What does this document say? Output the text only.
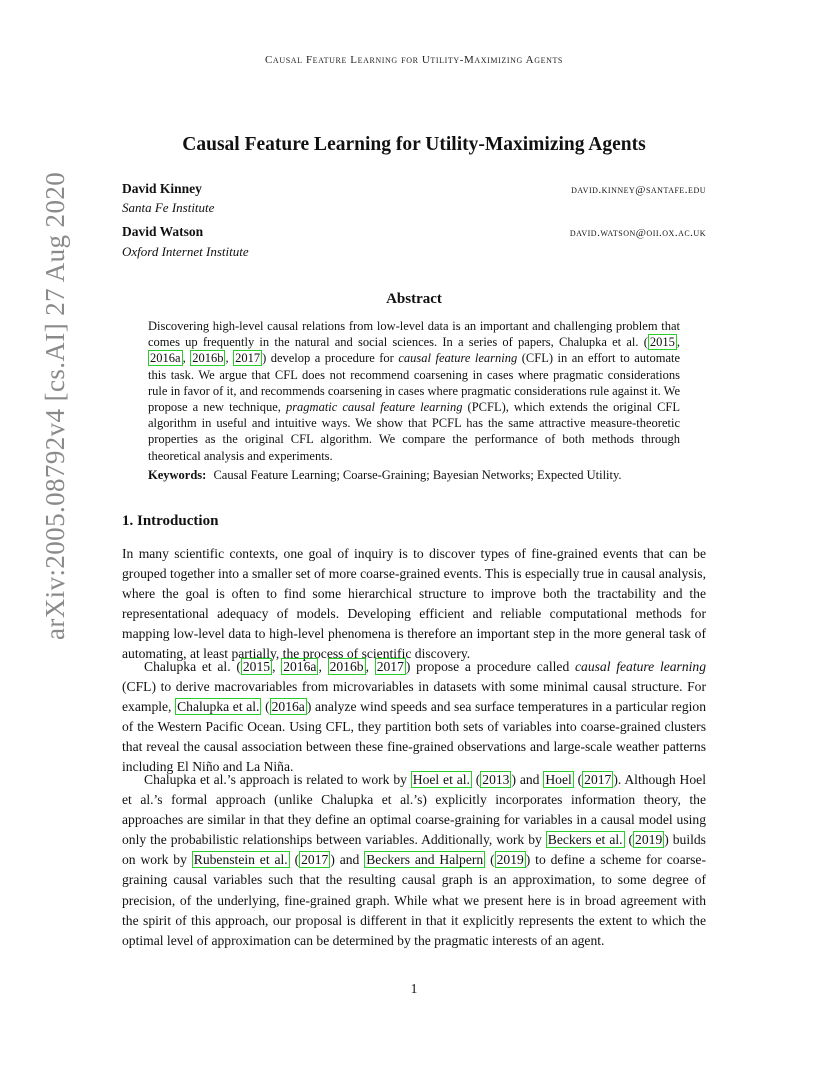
Causal Feature Learning for Utility-Maximizing Agents
arXiv:2005.08792v4 [cs.AI] 27 Aug 2020
Causal Feature Learning for Utility-Maximizing Agents
David Kinney	david.kinney@santafe.edu
Santa Fe Institute
David Watson	david.watson@oii.ox.ac.uk
Oxford Internet Institute
Abstract
Discovering high-level causal relations from low-level data is an important and challenging problem that comes up frequently in the natural and social sciences. In a series of papers, Chalupka et al. ( 2015 , 2016a , 2016b , 2017 ) develop a procedure for causal feature learning (CFL) in an effort to automate this task. We argue that CFL does not recommend coarsening in cases where pragmatic considerations rule in favor of it, and recommends coarsening in cases where pragmatic considerations rule against it. We propose a new technique, pragmatic causal feature learning (PCFL), which extends the original CFL algorithm in useful and intuitive ways. We show that PCFL has the same attractive measure-theoretic properties as the original CFL algorithm. We compare the performance of both methods through theoretical analysis and experiments.
Keywords: Causal Feature Learning; Coarse-Graining; Bayesian Networks; Expected Utility.
1. Introduction

In many scientific contexts, one goal of inquiry is to discover types of fine-grained events that can be grouped together into a smaller set of more coarse-grained events. This is especially true in causal analysis, where the goal is often to find some hierarchical structure to improve both the tractability and the representational adequacy of models. Developing efficient and reliable computational methods for mapping low-level data to high-level phenomena is therefore an important step in the more general task of automating, at least partially, the process of scientific discovery.

Chalupka et al. ( 2015 , 2016a , 2016b , 2017 ) propose a procedure called causal feature learning (CFL) to derive macrovariables from microvariables in datasets with some minimal causal structure. For example, Chalupka et al. ( 2016a ) analyze wind speeds and sea surface temperatures in a particular region of the Western Pacific Ocean. Using CFL, they partition both sets of variables into coarse-grained clusters that reveal the causal association between these fine-grained observations and large-scale weather patterns including El Niño and La Niña.

Chalupka et al.’s approach is related to work by Hoel et al. ( 2013 ) and Hoel ( 2017 ). Although Hoel et al.’s formal approach (unlike Chalupka et al.’s) explicitly incorporates information theory, the approaches are similar in that they define an optimal coarse-graining for variables in a causal model using only the probabilistic relationships between variables. Additionally, work by Beckers et al. ( 2019 ) builds on work by Rubenstein et al. ( 2017 ) and Beckers and Halpern ( 2019 ) to define a scheme for coarse-graining causal variables such that the resulting causal graph is an approximation, to some degree of precision, of the underlying, fine-grained graph. While what we present here is in broad agreement with the spirit of this approach, our proposal is different in that it explicitly represents the extent to which the optimal level of approximation can be determined by the pragmatic interests of an agent.

1
